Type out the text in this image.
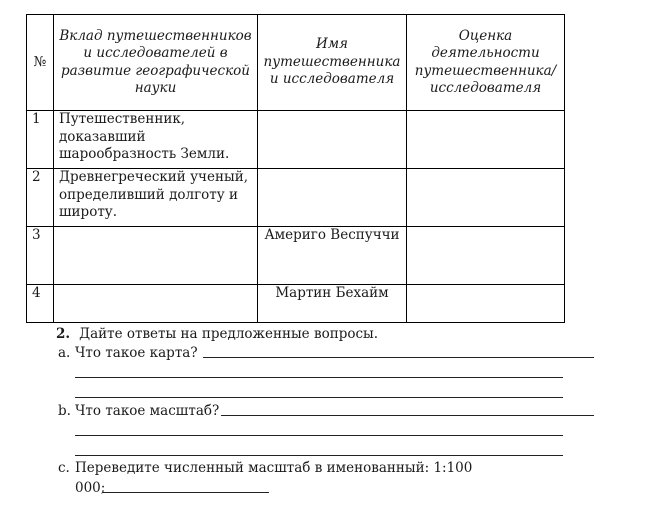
№	Вклад путешественников и исследователей в развитие географической науки	Имя путешественника и исследователя	Оценка деятельности путешественника/ исследователя
1	Путешественник, доказавший шарообразность Земли.		
2	Древнегреческий ученый, определивший долготу и широту.		
3		Америго Веспуччи	
4		Мартин Бехайм	
2. Дайте ответы на предложенные вопросы.
a. Что такое карта?
b. Что такое масштаб?
c. Переведите численный масштаб в именованный: 1:100
000;
